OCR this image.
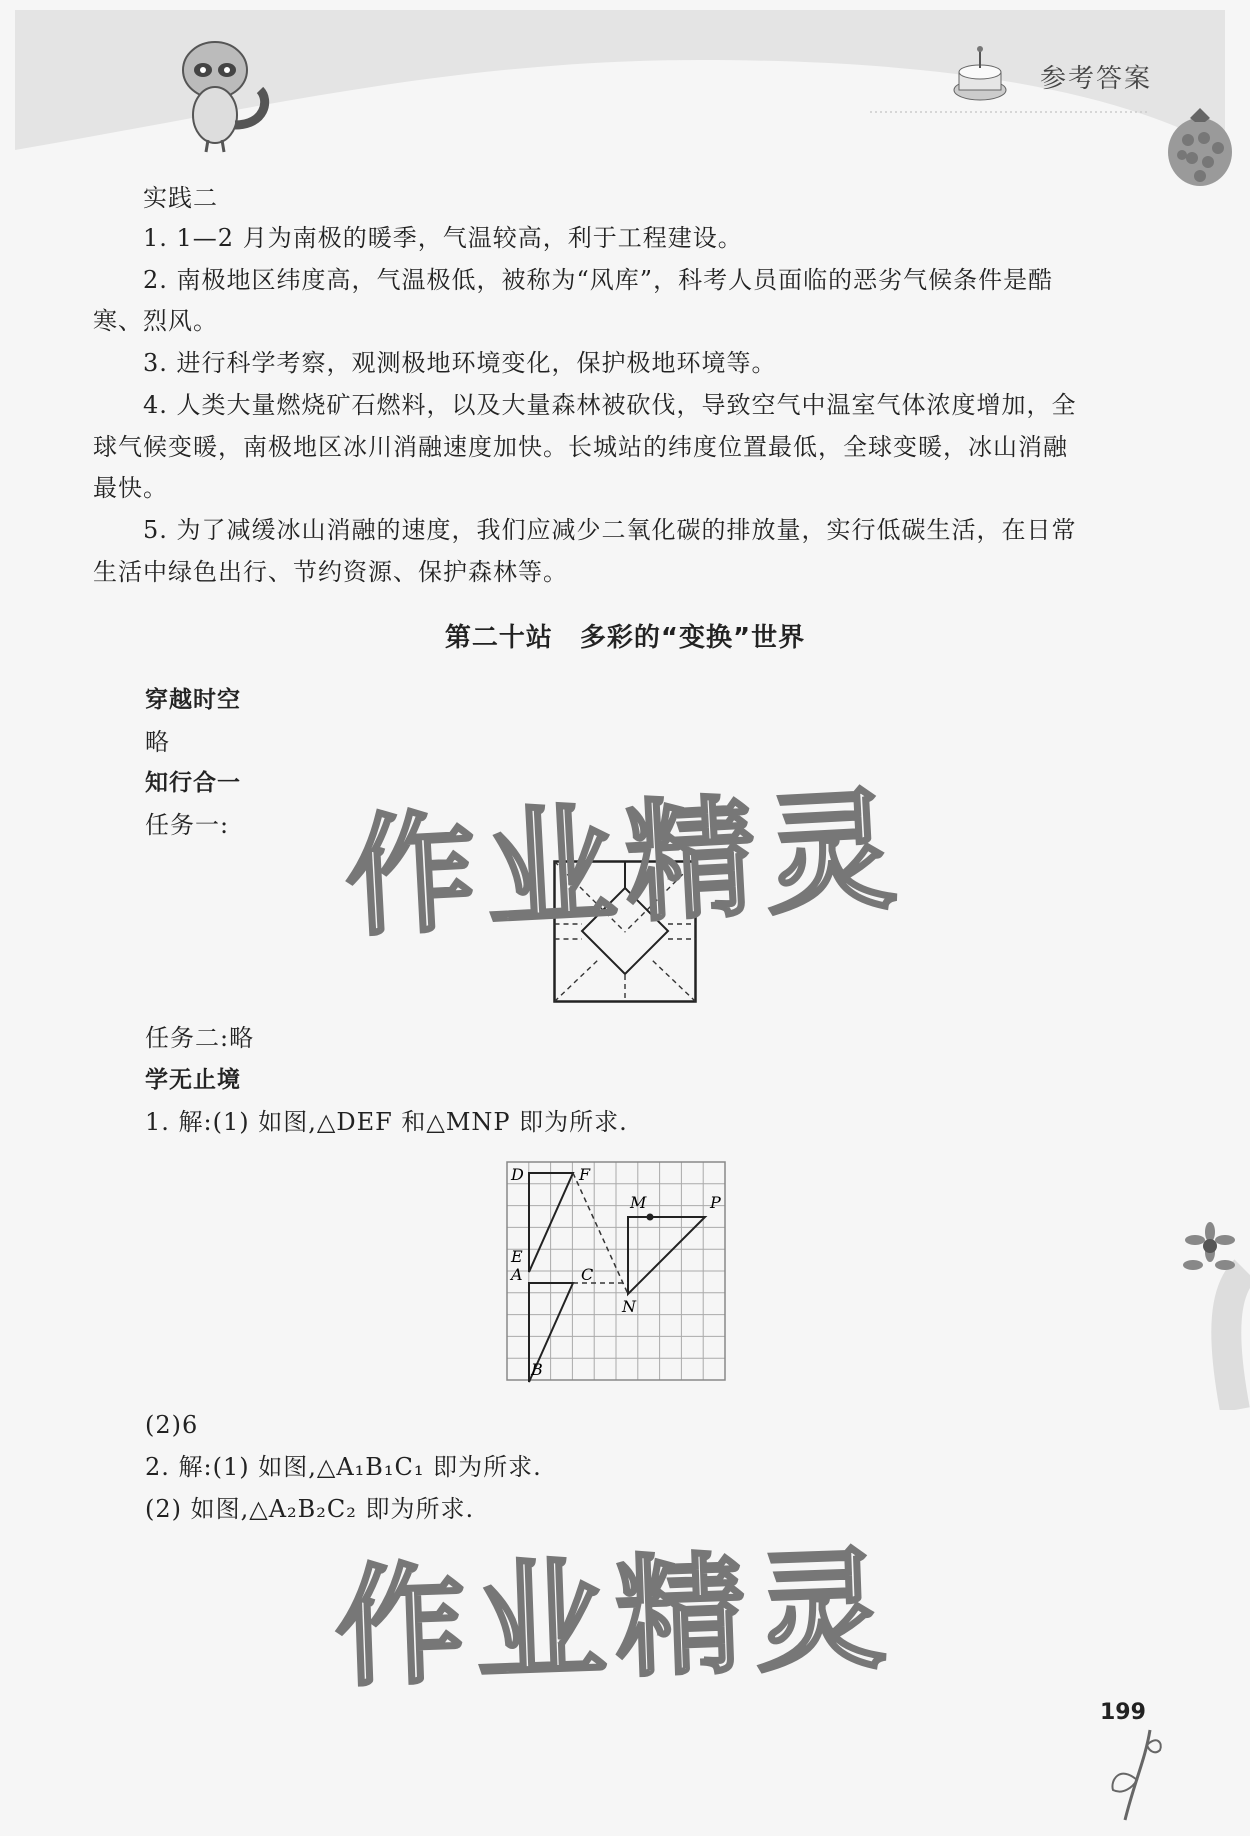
参考答案
实践二
1. 1—2 月为南极的暖季，气温较高，利于工程建设。
2. 南极地区纬度高，气温极低，被称为“风库”，科考人员面临的恶劣气候条件是酷
寒、烈风。
3. 进行科学考察，观测极地环境变化，保护极地环境等。
4. 人类大量燃烧矿石燃料，以及大量森林被砍伐，导致空气中温室气体浓度增加，全
球气候变暖，南极地区冰川消融速度加快。长城站的纬度位置最低，全球变暖，冰山消融
最快。
5. 为了减缓冰山消融的速度，我们应减少二氧化碳的排放量，实行低碳生活，在日常
生活中绿色出行、节约资源、保护森林等。
第二十站　多彩的“变换”世界
穿越时空
略
知行合一
任务一:
任务二:略
学无止境
1. 解:(1) 如图,△DEF 和△MNP 即为所求.
D	F
M	P
E
A	C
N
B
(2)6
2. 解:(1) 如图,△A₁B₁C₁ 即为所求.
(2) 如图,△A₂B₂C₂ 即为所求.
作业精灵
作业精灵
199
